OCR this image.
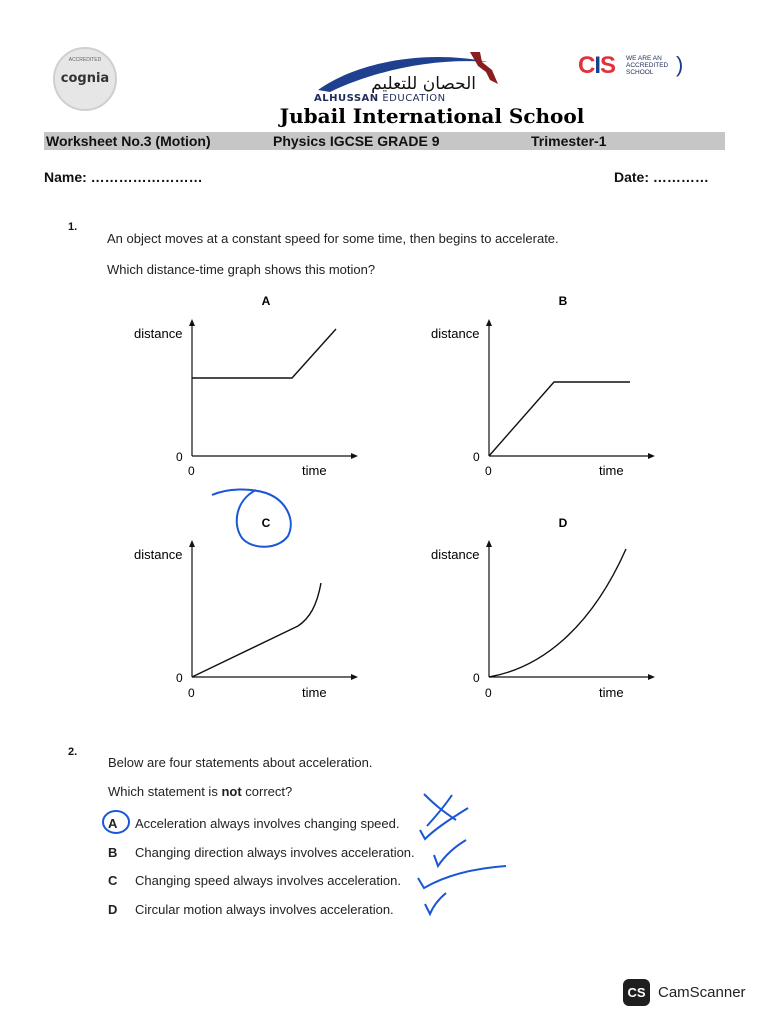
ACCREDITED
cognia	الحصان للتعليم
ALHUSSAN EDUCATION
CIS WE ARE AN ACCREDITED SCHOOL	)
Jubail International School
Worksheet No.3 (Motion)	Physics IGCSE GRADE 9	Trimester-1
Name: ……………………	Date: …………
1.
An object moves at a constant speed for some time, then begins to accelerate.
Which distance-time graph shows this motion?
A
distance
time
0
0
B
distance
time
0
0
C
distance
time
0
0
D
distance
time
0
0
2.
Below are four statements about acceleration.
Which statement is not correct?
A Acceleration always involves changing speed.
B Changing direction always involves acceleration.
C Changing speed always involves acceleration.
D Circular motion always involves acceleration.
CS CamScanner
